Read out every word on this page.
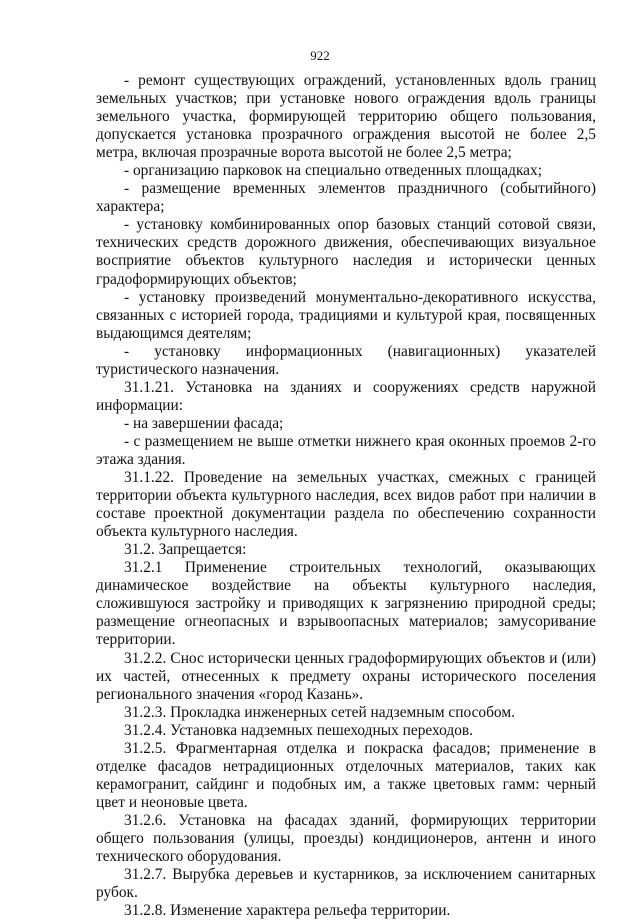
922

- ремонт существующих ограждений, установленных вдоль границ земельных участков; при установке нового ограждения вдоль границы земельного участка, формирующей территорию общего пользования, допускается установка прозрачного ограждения высотой не более 2,5 метра, включая прозрачные ворота высотой не более 2,5 метра;

- организацию парковок на специально отведенных площадках;

- размещение временных элементов праздничного (событийного) характера;

- установку комбинированных опор базовых станций сотовой связи, технических средств дорожного движения, обеспечивающих визуальное восприятие объектов культурного наследия и исторически ценных градоформирующих объектов;

- установку произведений монументально-декоративного искусства, связанных с историей города, традициями и культурой края, посвященных выдающимся деятелям;

- установку информационных (навигационных) указателей туристического назначения.

31.1.21. Установка на зданиях и сооружениях средств наружной информации:

- на завершении фасада;

- с размещением не выше отметки нижнего края оконных проемов 2-го этажа здания.

31.1.22. Проведение на земельных участках, смежных с границей территории объекта культурного наследия, всех видов работ при наличии в составе проектной документации раздела по обеспечению сохранности объекта культурного наследия.

31.2. Запрещается:

31.2.1 Применение строительных технологий, оказывающих динамическое воздействие на объекты культурного наследия, сложившуюся застройку и приводящих к загрязнению природной среды; размещение огнеопасных и взрывоопасных материалов; замусоривание территории.

31.2.2. Снос исторически ценных градоформирующих объектов и (или) их частей, отнесенных к предмету охраны исторического поселения регионального значения «город Казань».

31.2.3. Прокладка инженерных сетей надземным способом.

31.2.4. Установка надземных пешеходных переходов.

31.2.5. Фрагментарная отделка и покраска фасадов; применение в отделке фасадов нетрадиционных отделочных материалов, таких как керамогранит, сайдинг и подобных им, а также цветовых гамм: черный цвет и неоновые цвета.

31.2.6. Установка на фасадах зданий, формирующих территории общего пользования (улицы, проезды) кондиционеров, антенн и иного технического оборудования.

31.2.7. Вырубка деревьев и кустарников, за исключением санитарных рубок.

31.2.8. Изменение характера рельефа территории.
